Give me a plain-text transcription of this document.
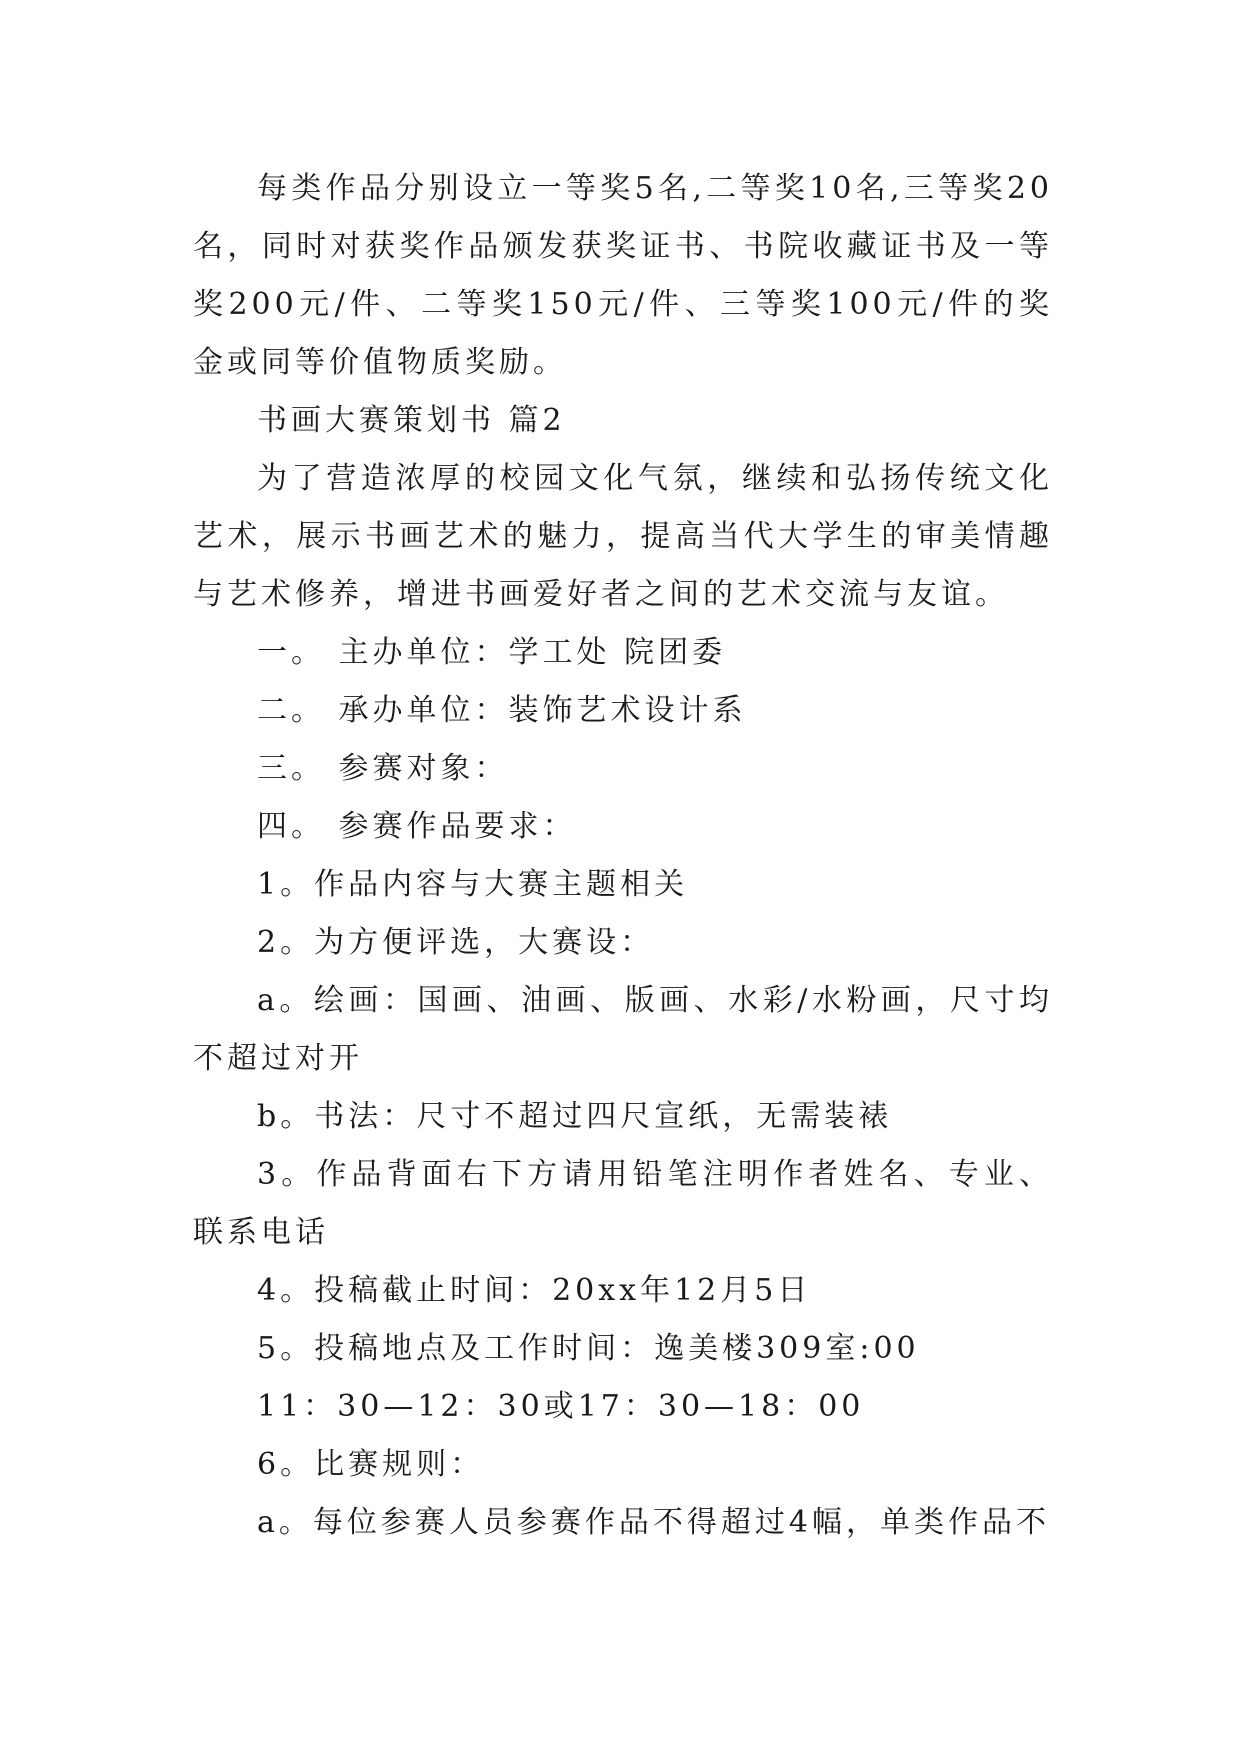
每类作品分别设立一等奖5名,二等奖10名,三等奖20名，同时对获奖作品颁发获奖证书、书院收藏证书及一等奖200元/件、二等奖150元/件、三等奖100元/件的奖金或同等价值物质奖励。

书画大赛策划书 篇2

为了营造浓厚的校园文化气氛，继续和弘扬传统文化艺术，展示书画艺术的魅力，提高当代大学生的审美情趣与艺术修养，增进书画爱好者之间的艺术交流与友谊。

一。 主办单位：学工处 院团委

二。 承办单位：装饰艺术设计系

三。 参赛对象：

四。 参赛作品要求：

1。作品内容与大赛主题相关

2。为方便评选，大赛设：

a。绘画：国画、油画、版画、水彩/水粉画，尺寸均不超过对开

b。书法：尺寸不超过四尺宣纸，无需装裱

3。作品背面右下方请用铅笔注明作者姓名、专业、联系电话

4。投稿截止时间：20xx年12月5日

5。投稿地点及工作时间：逸美楼309室:00

11：30—12：30或17：30—18：00

6。比赛规则：

a。每位参赛人员参赛作品不得超过4幅，单类作品不
